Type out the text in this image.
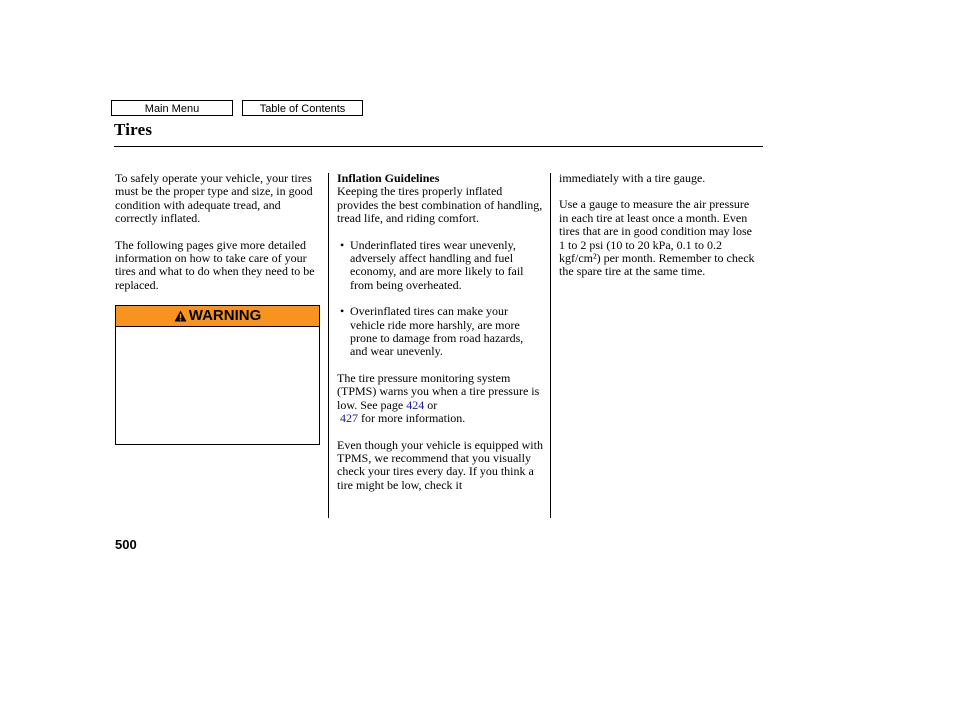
Main Menu	Table of Contents
Tires

To safely operate your vehicle, your tires must be the proper type and size, in good condition with adequate tread, and correctly inflated.

The following pages give more detailed information on how to take care of your tires and what to do when they need to be replaced.

WARNING
Inflation Guidelines

Keeping the tires properly inflated provides the best combination of handling, tread life, and riding comfort.

• Underinflated tires wear unevenly, adversely affect handling and fuel economy, and are more likely to fail from being overheated.
• Overinflated tires can make your vehicle ride more harshly, are more prone to damage from road hazards, and wear unevenly.

The tire pressure monitoring system (TPMS) warns you when a tire pressure is low. See page 424 or
427 for more information.

Even though your vehicle is equipped with TPMS, we recommend that you visually check your tires every day. If you think a tire might be low, check it

immediately with a tire gauge.

Use a gauge to measure the air pressure in each tire at least once a month. Even tires that are in good condition may lose 1 to 2 psi (10 to 20 kPa, 0.1 to 0.2 kgf/cm²) per month. Remember to check the spare tire at the same time.

500
